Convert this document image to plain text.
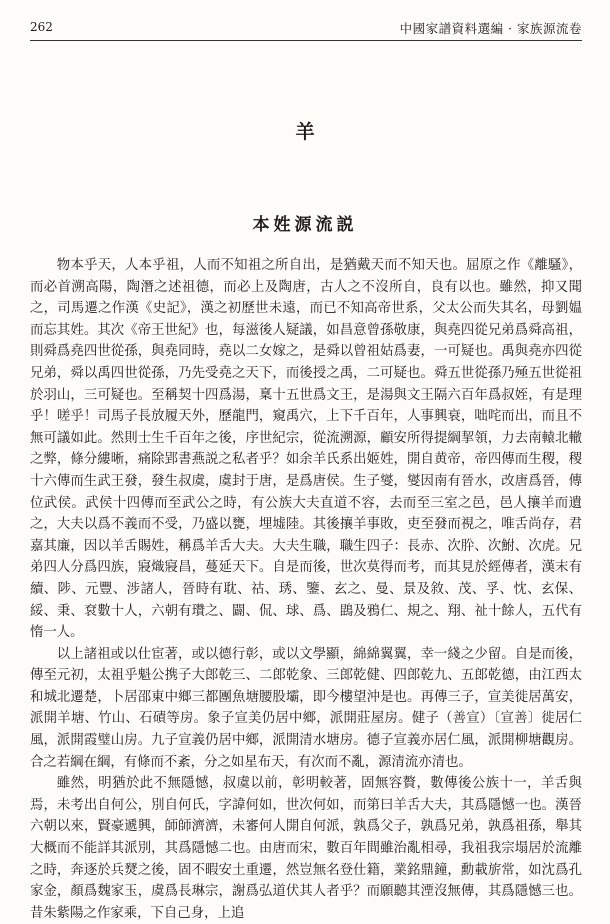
262	中國家譜資料選編 · 家族源流卷
羊
本姓源流説

物本乎天，人本乎祖，人而不知祖之所自出，是猶戴天而不知天也。屈原之作《離騷》，而必首溯高陽，陶潛之述祖德，而必上及陶唐，古人之不沒所自，良有以也。雖然，抑又聞之，司馬遷之作漢《史記》，漢之初歷世未遠，而已不知高帝世系，父太公而失其名，母劉媪而忘其姓。其次《帝王世紀》也，每滋後人疑議，如昌意曾孫敬康，與堯四從兄弟爲舜高祖，則舜爲堯四世從孫，與堯同時，堯以二女嫁之，是舜以曾祖姑爲妻，一可疑也。禹與堯亦四從兄弟，舜以禹四世從孫，乃先受堯之天下，而後授之禹，二可疑也。舜五世從孫乃殛五世從祖於羽山，三可疑也。至稱契十四爲湯，稟十五世爲文王，是湯與文王隔六百年爲叔姪，有是理乎！嗟乎！司馬子長放履天外，歷龍門，窺禹穴，上下千百年，人事興衰，咄咤而出，而且不無可議如此。然則士生千百年之後，序世紀宗，從流溯源，顧安所得提綱挈領，力去南轅北轍之弊，條分縷晰，痛除郢書燕説之私者乎？如余羊氏系出姬姓，開自黄帝，帝四傳而生稷，稷十六傳而生武王發，發生叔虞，虞封于唐，是爲唐侯。生子燮，燮因南有晉水，改唐爲晉，傳位武侯。武侯十四傳而至武公之時，有公族大夫直道不容，去而至三室之邑，邑人攘羊而遺之，大夫以爲不義而不受，乃盛以甕，埋墟陸。其後攘羊事敗，吏至發而視之，唯舌尚存，君嘉其廉，因以羊舌賜姓，稱爲羊舌大夫。大夫生職，職生四子：長赤、次肸、次鮒、次虎。兄弟四人分爲四族，寢熾寢昌，蔓延天下。自是而後，世次莫得而考，而其見於經傳者，漢末有續、陟、元豐、涉諸人，晉時有耽、祜、琇、鑒、玄之、曼、景及敘、茂、孚、忱、玄保、綏、秉、袞數十人，六朝有瓚之、闢、侃、球、爲、鵾及鴉仁、規之、翔、祉十餘人，五代有惰一人。

以上諸祖或以仕宦著，或以德行彰，或以文學顯，綿綿翼翼，幸一綫之少留。自是而後，傳至元初，太祖乎魁公携子大郎乾三、二郎乾象、三郎乾健、四郎乾九、五郎乾德，由江西太和城北遷楚，卜居邵東中鄉三都團魚塘腰股壩，即今樓望沖是也。再傳三子，宣美徙居萬安，派開羊塘、竹山、石磧等房。象子宣美仍居中鄉，派開莊屋房。健子（善宣）〔宣善〕徙居仁風，派開霞璧山房。九子宣義仍居中鄉，派開清水塘房。德子宣義亦居仁風，派開柳塘觀房。合之若綱在綱，有條而不紊，分之如星布天，有次而不亂，源清流亦清也。

雖然，明猶於此不無隱憾，叔虞以前，彰明較著，固無容贅，數傳後公族十一，羊舌與焉，未考出自何公，別自何氏，字諱何如，世次何如，而第曰羊舌大夫，其爲隱憾一也。漢晉六朝以來，賢豪遞興，師師濟濟，未審何人開自何派，孰爲父子，孰爲兄弟，孰爲祖孫，舉其大概而不能詳其派別，其爲隱憾二也。由唐而宋，數百年間雖治亂相尋，我祖我宗塌居於流離之時，奔逐於兵燹之後，固不暇安土重遷，然豈無名登仕籍，業銘鼎鐘，勳載旂常，如沈爲孔家金，顏爲魏家玉，虞爲長琳宗，謝爲弘道伏其人者乎？而願聽其湮沒無傳，其爲隱憾三也。昔朱紫陽之作家乘，下自己身，上追
